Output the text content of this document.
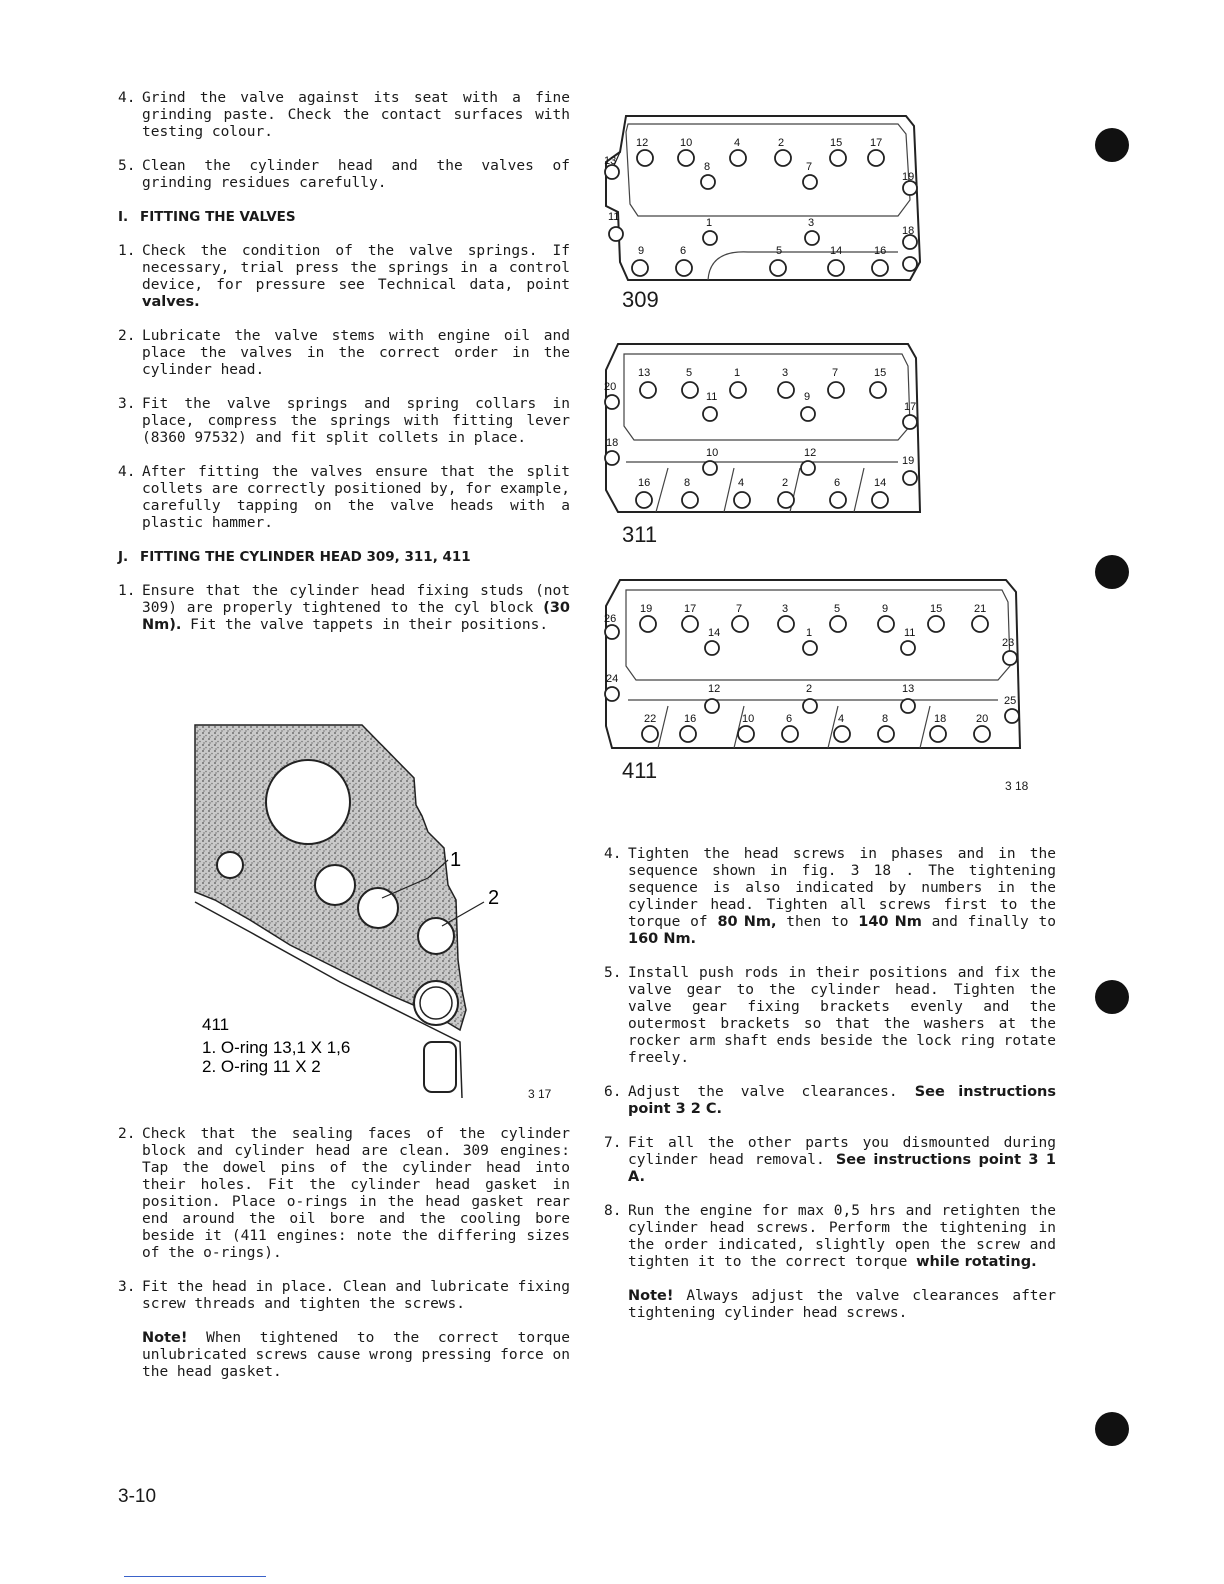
4. Grind the valve against its seat with a fine grinding paste. Check the contact surfaces with testing colour.
5. Clean the cylinder head and the valves of grinding residues carefully.
I. FITTING THE VALVES
1. Check the condition of the valve springs. If necessary, trial press the springs in a control device, for pressure see Technical data, point valves.
2. Lubricate the valve stems with engine oil and place the valves in the correct order in the cylinder head.
3. Fit the valve springs and spring collars in place, compress the springs with fitting lever (8360 97532) and fit split collets in place.
4. After fitting the valves ensure that the split collets are correctly positioned by, for example, carefully tapping on the valve heads with a plastic hammer.
J. FITTING THE CYLINDER HEAD 309, 311, 411
1. Ensure that the cylinder head fixing studs (not 309) are properly tightened to the cyl block (30 Nm). Fit the valve tappets in their positions.
1
2
411
1. O-ring 13,1 X 1,6
2. O-ring 11 X 2
3 17
2. Check that the sealing faces of the cylinder block and cylinder head are clean. 309 engines: Tap the dowel pins of the cylinder head into their holes. Fit the cylinder head gasket in position. Place o-rings in the head gasket rear end around the oil bore and the cooling bore beside it (411 engines: note the differing sizes of the o-rings).
3. Fit the head in place. Clean and lubricate fixing screw threads and tighten the screws.
Note! When tightened to the correct torque unlubricated screws cause wrong pressing force on the head gasket.
13
12	10
8
4	2
7
15	17
19
11	1	3
18
9	6	5	14	16
309
20
13	5
11
1	3
9
7	15
17
18
10	12
19
16	8	4	2	6	14
311
26
19	17
14
7	3
1
5	9
11
15	21
23
24
12	2	13
25
22	16	10	6	4	8	18	20
411
3 18
4. Tighten the head screws in phases and in the sequence shown in fig. 3 18 . The tightening sequence is also indicated by numbers in the cylinder head. Tighten all screws first to the torque of 80 Nm, then to 140 Nm and finally to 160 Nm.
5. Install push rods in their positions and fix the valve gear to the cylinder head. Tighten the valve gear fixing brackets evenly and the outermost brackets so that the washers at the rocker arm shaft ends beside the lock ring rotate freely.
6. Adjust the valve clearances. See instructions point 3 2 C.
7. Fit all the other parts you dismounted during cylinder head removal. See instructions point 3 1 A.
8. Run the engine for max 0,5 hrs and retighten the cylinder head screws. Perform the tightening in the order indicated, slightly open the screw and tighten it to the correct torque while rotating.
Note! Always adjust the valve clearances after tightening cylinder head screws.
3-10
